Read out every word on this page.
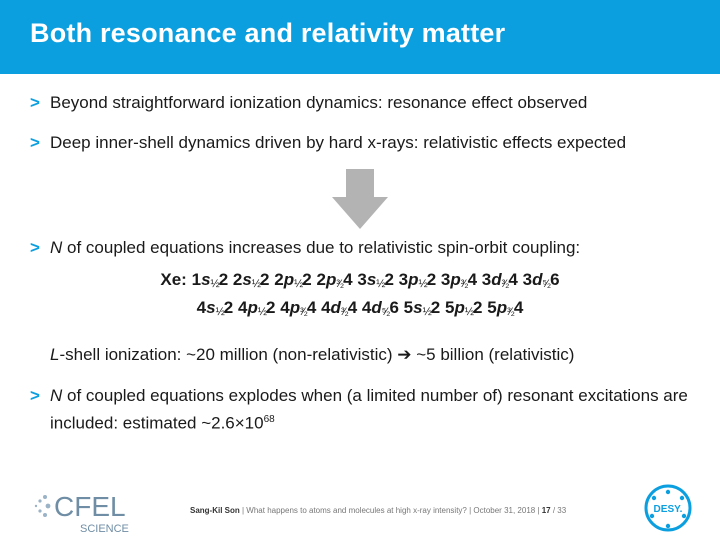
Both resonance and relativity matter
> Beyond straightforward ionization dynamics: resonance effect observed
> Deep inner-shell dynamics driven by hard x-rays: relativistic effects expected
> N of coupled equations increases due to relativistic spin-orbit coupling:
Xe: 1s½2 2s½2 2p½2 2p³⁄₂4 3s½2 3p½2 3p³⁄₂4 3d³⁄₂4 3d⁵⁄₂6
4s½2 4p½2 4p³⁄₂4 4d³⁄₂4 4d⁵⁄₂6 5s½2 5p½2 5p³⁄₂4
L-shell ionization: ~20 million (non-relativistic) ➔ ~5 billion (relativistic)
> N of coupled equations explodes when (a limited number of) resonant excitations are included: estimated $\sim 2.6\times 10^{68}$
CFEL
SCIENCE
Sang-Kil Son | What happens to atoms and molecules at high x-ray intensity? | October 31, 2018 | 17 / 33	DESY.
